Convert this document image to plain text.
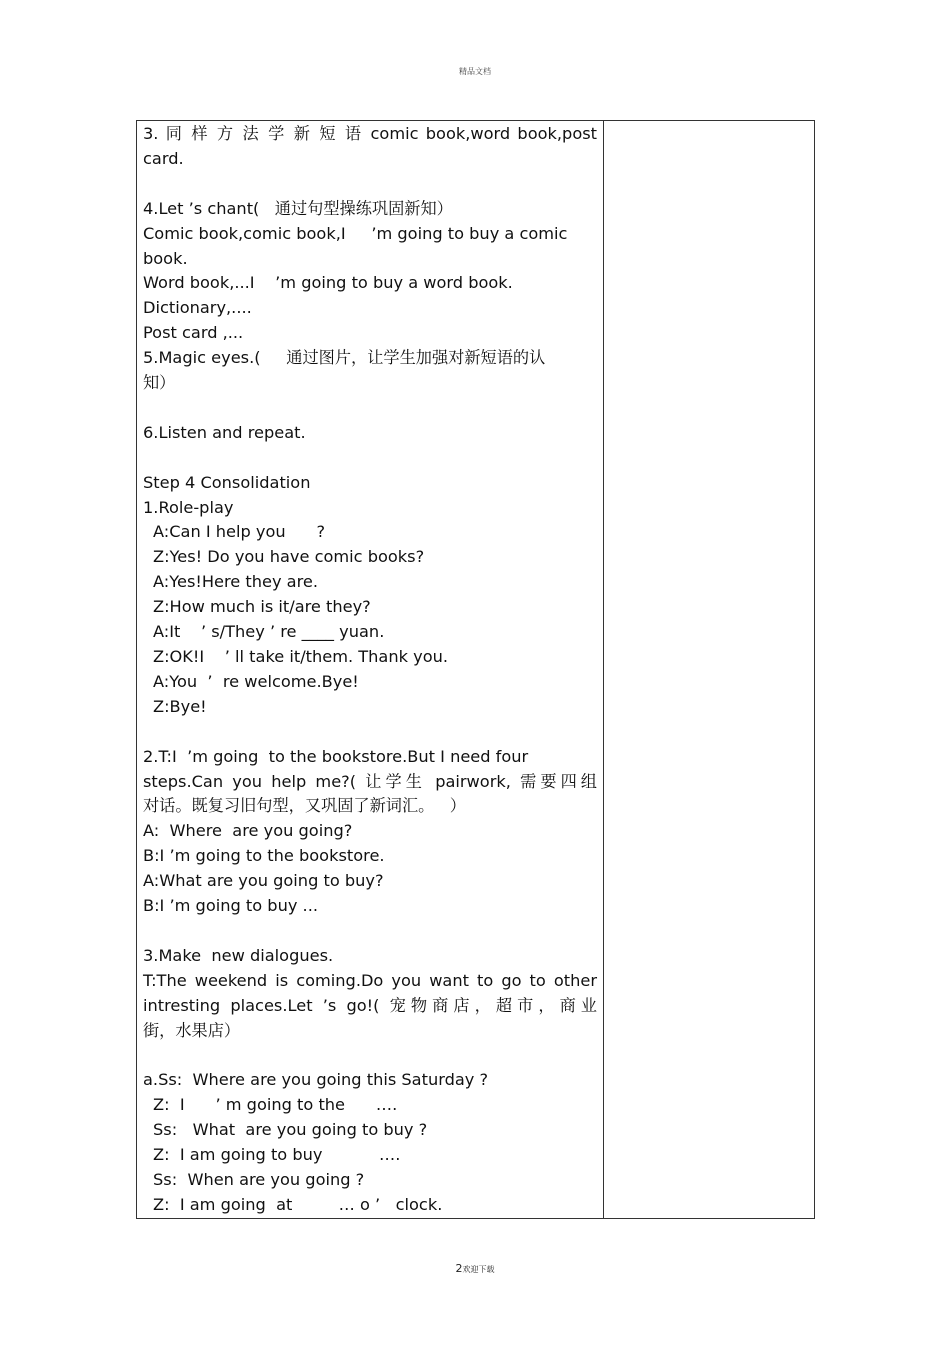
精品文档
3. 同 样 方 法 学 新 短 语 comic book,word book,post
card.
4.Let ’s chant(   通过句型操练巩固新知）
Comic book,comic book,I     ’m going to buy a comic
book.
Word book,...I    ’m going to buy a word book.
Dictionary,....
Post card ,...
5.Magic eyes.(     通过图片，让学生加强对新短语的认
知）
6.Listen and repeat.
Step 4 Consolidation
1.Role-play
A:Can I help you      ?
Z:Yes! Do you have comic books?
A:Yes!Here they are.
Z:How much is it/are they?
A:It    ’ s/They ’ re ____ yuan.
Z:OK!I    ’ ll take it/them. Thank you.
A:You  ’  re welcome.Bye!
Z:Bye!
2.T:I  ’m going  to the bookstore.But I need four
steps.Can you help me?( 让学生 pairwork, 需要四组
对话。既复习旧句型，又巩固了新词汇。   ）
A:  Where  are you going?
B:I ’m going to the bookstore.
A:What are you going to buy?
B:I ’m going to buy ...
3.Make  new dialogues.
T:The weekend is coming.Do you want to go to other
intresting places.Let ’s go!( 宠物商店，超市，商业
街，水果店）
a.Ss:  Where are you going this Saturday ?
Z:  I      ’ m going to the      ….
Ss:   What  are you going to buy ?
Z:  I am going to buy           ….
Ss:  When are you going ?
Z:  I am going  at         … o ’   clock.

2欢迎下载
